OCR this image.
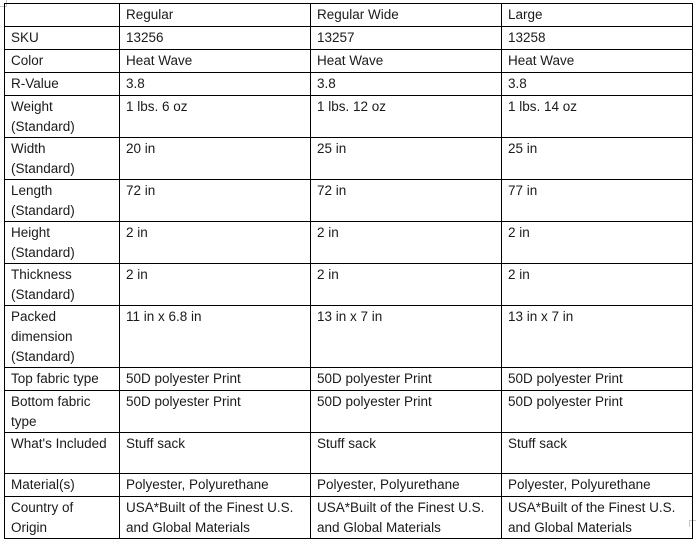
	Regular	Regular Wide	Large
SKU	13256	13257	13258
Color	Heat Wave	Heat Wave	Heat Wave
R-Value	3.8	3.8	3.8
Weight (Standard)	1 lbs. 6 oz	1 lbs. 12 oz	1 lbs. 14 oz
Width (Standard)	20 in	25 in	25 in
Length (Standard)	72 in	72 in	77 in
Height (Standard)	2 in	2 in	2 in
Thickness (Standard)	2 in	2 in	2 in
Packed dimension (Standard)	11 in x 6.8 in	13 in x 7 in	13 in x 7 in
Top fabric type	50D polyester Print	50D polyester Print	50D polyester Print
Bottom fabric type	50D polyester Print	50D polyester Print	50D polyester Print
What's Included	Stuff sack	Stuff sack	Stuff sack
Material(s)	Polyester, Polyurethane	Polyester, Polyurethane	Polyester, Polyurethane
Country of Origin	USA*Built of the Finest U.S. and Global Materials	USA*Built of the Finest U.S. and Global Materials	USA*Built of the Finest U.S. and Global Materials
